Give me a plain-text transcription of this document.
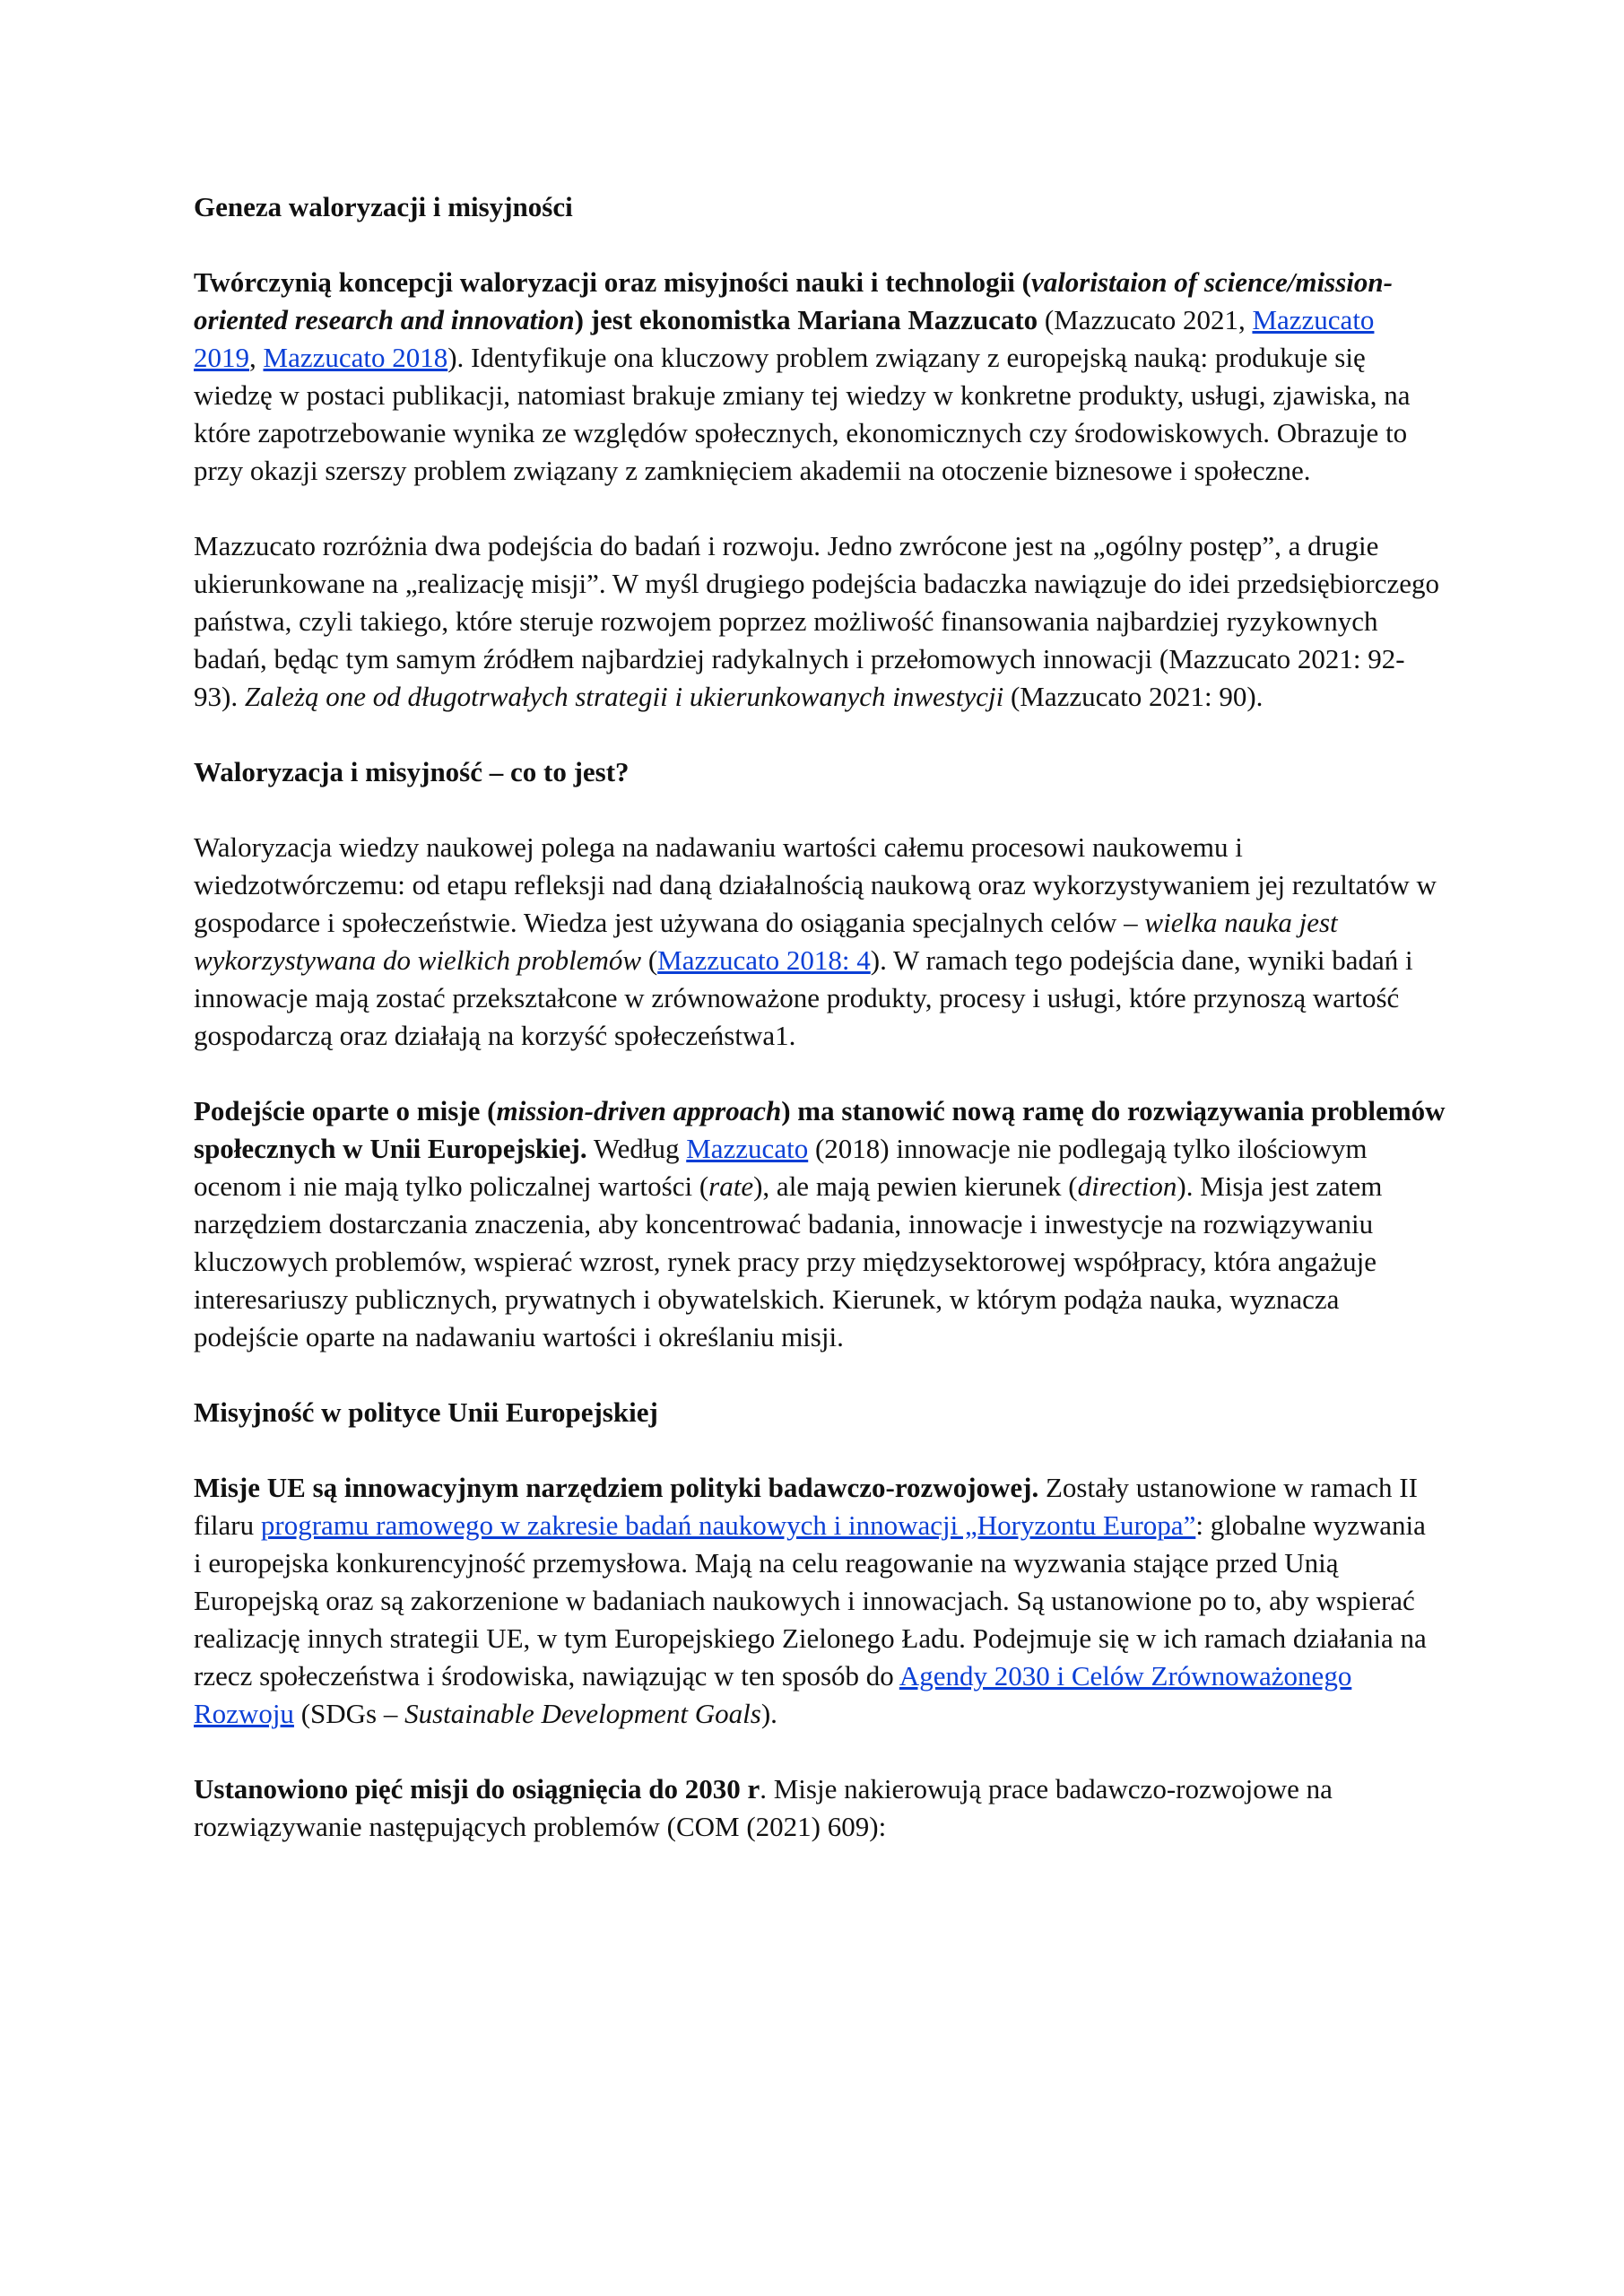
Geneza waloryzacji i misyjności

Twórczynią koncepcji waloryzacji oraz misyjności nauki i technologii (valoristaion of science/mission-oriented research and innovation) jest ekonomistka Mariana Mazzucato (Mazzucato 2021, Mazzucato 2019, Mazzucato 2018). Identyfikuje ona kluczowy problem związany z europejską nauką: produkuje się wiedzę w postaci publikacji, natomiast brakuje zmiany tej wiedzy w konkretne produkty, usługi, zjawiska, na które zapotrzebowanie wynika ze względów społecznych, ekonomicznych czy środowiskowych. Obrazuje to przy okazji szerszy problem związany z zamknięciem akademii na otoczenie biznesowe i społeczne.

Mazzucato rozróżnia dwa podejścia do badań i rozwoju. Jedno zwrócone jest na „ogólny postęp”, a drugie ukierunkowane na „realizację misji”. W myśl drugiego podejścia badaczka nawiązuje do idei przedsiębiorczego państwa, czyli takiego, które steruje rozwojem poprzez możliwość finansowania najbardziej ryzykownych badań, będąc tym samym źródłem najbardziej radykalnych i przełomowych innowacji (Mazzucato 2021: 92-93). Zależą one od długotrwałych strategii i ukierunkowanych inwestycji (Mazzucato 2021: 90).

Waloryzacja i misyjność – co to jest?

Waloryzacja wiedzy naukowej polega na nadawaniu wartości całemu procesowi naukowemu i wiedzotwórczemu: od etapu refleksji nad daną działalnością naukową oraz wykorzystywaniem jej rezultatów w gospodarce i społeczeństwie. Wiedza jest używana do osiągania specjalnych celów – wielka nauka jest wykorzystywana do wielkich problemów (Mazzucato 2018: 4). W ramach tego podejścia dane, wyniki badań i innowacje mają zostać przekształcone w zrównoważone produkty, procesy i usługi, które przynoszą wartość gospodarczą oraz działają na korzyść społeczeństwa1.

Podejście oparte o misje (mission-driven approach) ma stanowić nową ramę do rozwiązywania problemów społecznych w Unii Europejskiej. Według Mazzucato (2018) innowacje nie podlegają tylko ilościowym ocenom i nie mają tylko policzalnej wartości (rate), ale mają pewien kierunek (direction). Misja jest zatem narzędziem dostarczania znaczenia, aby koncentrować badania, innowacje i inwestycje na rozwiązywaniu kluczowych problemów, wspierać wzrost, rynek pracy przy międzysektorowej współpracy, która angażuje interesariuszy publicznych, prywatnych i obywatelskich. Kierunek, w którym podąża nauka, wyznacza podejście oparte na nadawaniu wartości i określaniu misji.

Misyjność w polityce Unii Europejskiej

Misje UE są innowacyjnym narzędziem polityki badawczo-rozwojowej. Zostały ustanowione w ramach II filaru programu ramowego w zakresie badań naukowych i innowacji „Horyzontu Europa”: globalne wyzwania i europejska konkurencyjność przemysłowa. Mają na celu reagowanie na wyzwania stające przed Unią Europejską oraz są zakorzenione w badaniach naukowych i innowacjach. Są ustanowione po to, aby wspierać realizację innych strategii UE, w tym Europejskiego Zielonego Ładu. Podejmuje się w ich ramach działania na rzecz społeczeństwa i środowiska, nawiązując w ten sposób do Agendy 2030 i Celów Zrównoważonego Rozwoju (SDGs – Sustainable Development Goals).

Ustanowiono pięć misji do osiągnięcia do 2030 r. Misje nakierowują prace badawczo-rozwojowe na rozwiązywanie następujących problemów (COM (2021) 609):
